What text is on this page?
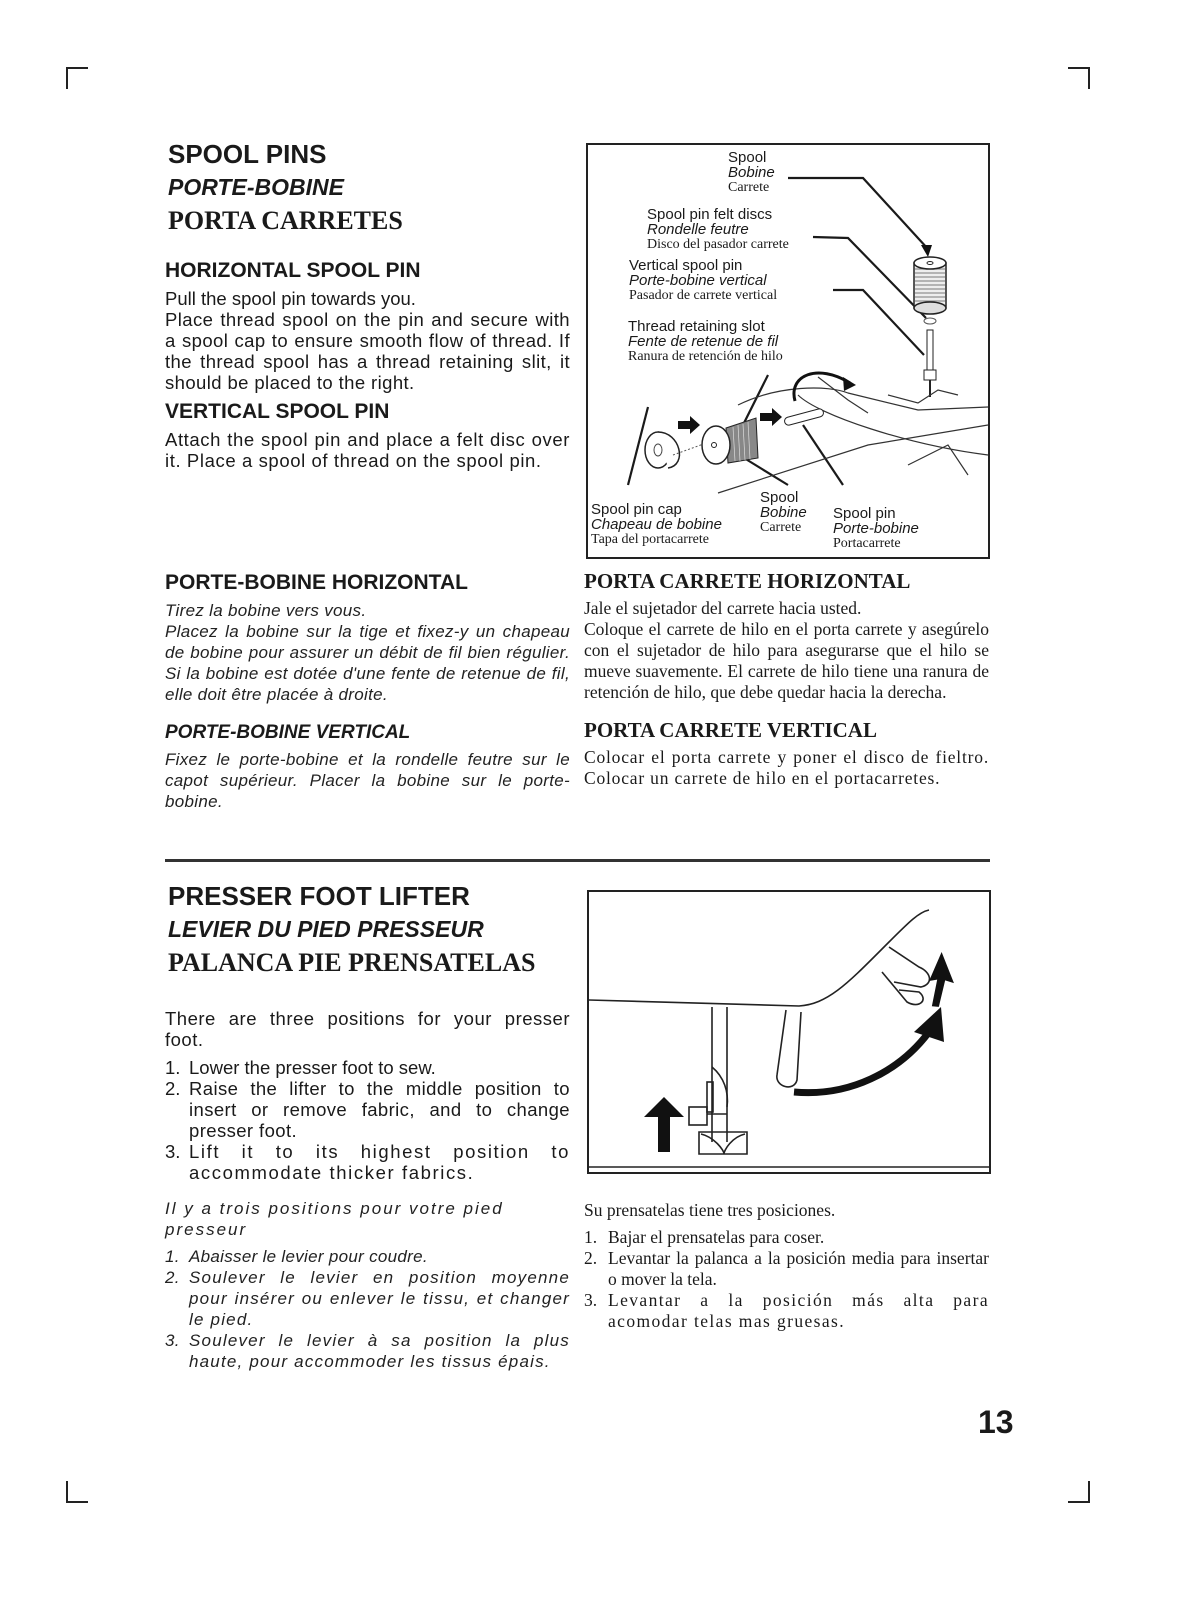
SPOOL PINS
PORTE-BOBINE
PORTA CARRETES
HORIZONTAL SPOOL PIN

Pull the spool pin towards you.

Place thread spool on the pin and secure with a spool cap to ensure smooth flow of thread. If the thread spool has a thread retaining slit, it should be placed to the right.

VERTICAL SPOOL PIN

Attach the spool pin and place a felt disc over it. Place a spool of thread on the spool pin.

Spool
Bobine
Carrete
Spool pin felt discs
Rondelle feutre
Disco del pasador carrete
Vertical spool pin
Porte-bobine vertical
Pasador de carrete vertical
Thread retaining slot
Fente de retenue de fil
Ranura de retención de hilo
Spool pin cap
Chapeau de bobine
Tapa del portacarrete
Spool
Bobine
Carrete
Spool pin
Porte-bobine
Portacarrete
PORTE-BOBINE HORIZONTAL

Tirez la bobine vers vous.

Placez la bobine sur la tige et fixez-y un chapeau de bobine pour assurer un débit de fil bien régulier. Si la bobine est dotée d'une fente de retenue de fil, elle doit être placée à droite.

PORTE-BOBINE VERTICAL

Fixez le porte-bobine et la rondelle feutre sur le capot supérieur. Placer la bobine sur le porte-bobine.

PORTA CARRETE HORIZONTAL

Jale el sujetador del carrete hacia usted.

Coloque el carrete de hilo en el porta carrete y asegúrelo con el sujetador de hilo para asegurarse que el hilo se mueve suavemente. El carrete de hilo tiene una ranura de retención de hilo, que debe quedar hacia la derecha.

PORTA CARRETE VERTICAL

Colocar el porta carrete y poner el disco de fieltro. Colocar un carrete de hilo en el portacarretes.

PRESSER FOOT LIFTER
LEVIER DU PIED PRESSEUR
PALANCA PIE PRENSATELAS

There are three positions for your presser foot.

1. Lower the presser foot to sew.
2. Raise the lifter to the middle position to insert or remove fabric, and to change presser foot.
3. Lift it to its highest position to accommodate thicker fabrics.

Il y a trois positions pour votre pied presseur

1. Abaisser le levier pour coudre.
2. Soulever le levier en position moyenne pour insérer ou enlever le tissu, et changer le pied.
3. Soulever le levier à sa position la plus haute, pour accommoder les tissus épais.

Su prensatelas tiene tres posiciones.

1. Bajar el prensatelas para coser.
2. Levantar la palanca a la posición media para insertar o mover la tela.
3. Levantar a la posición más alta para acomodar telas mas gruesas.
13
